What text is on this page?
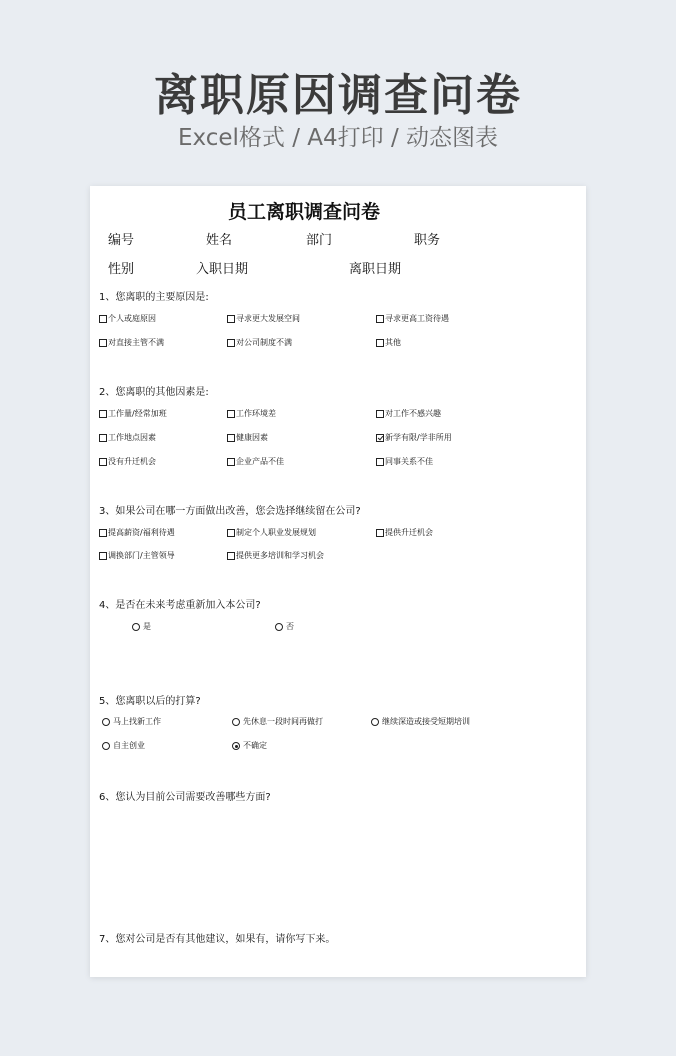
离职原因调查问卷
Excel格式 / A4打印 / 动态图表
员工离职调查问卷
编号	姓名	部门	职务
性别	入职日期	离职日期
1、您离职的主要原因是:
个人或庭原因	寻求更大发展空间	寻求更高工资待遇
对直接主管不满	对公司制度不满	其他
2、您离职的其他因素是:
工作量/经常加班	工作环境差	对工作不感兴趣
工作地点因素	健康因素	新学有限/学非所用
没有升迁机会	企业产品不佳	同事关系不佳
3、如果公司在哪一方面做出改善，您会选择继续留在公司?
提高薪资/福利待遇	制定个人职业发展规划	提供升迁机会
调换部门/主管领导	提供更多培训和学习机会
4、是否在未来考虑重新加入本公司?
是	否
5、您离职以后的打算?
马上找新工作	先休息一段时间再做打	继续深造或接受短期培训
自主创业	不确定
6、您认为目前公司需要改善哪些方面?
7、您对公司是否有其他建议，如果有，请你写下来。
